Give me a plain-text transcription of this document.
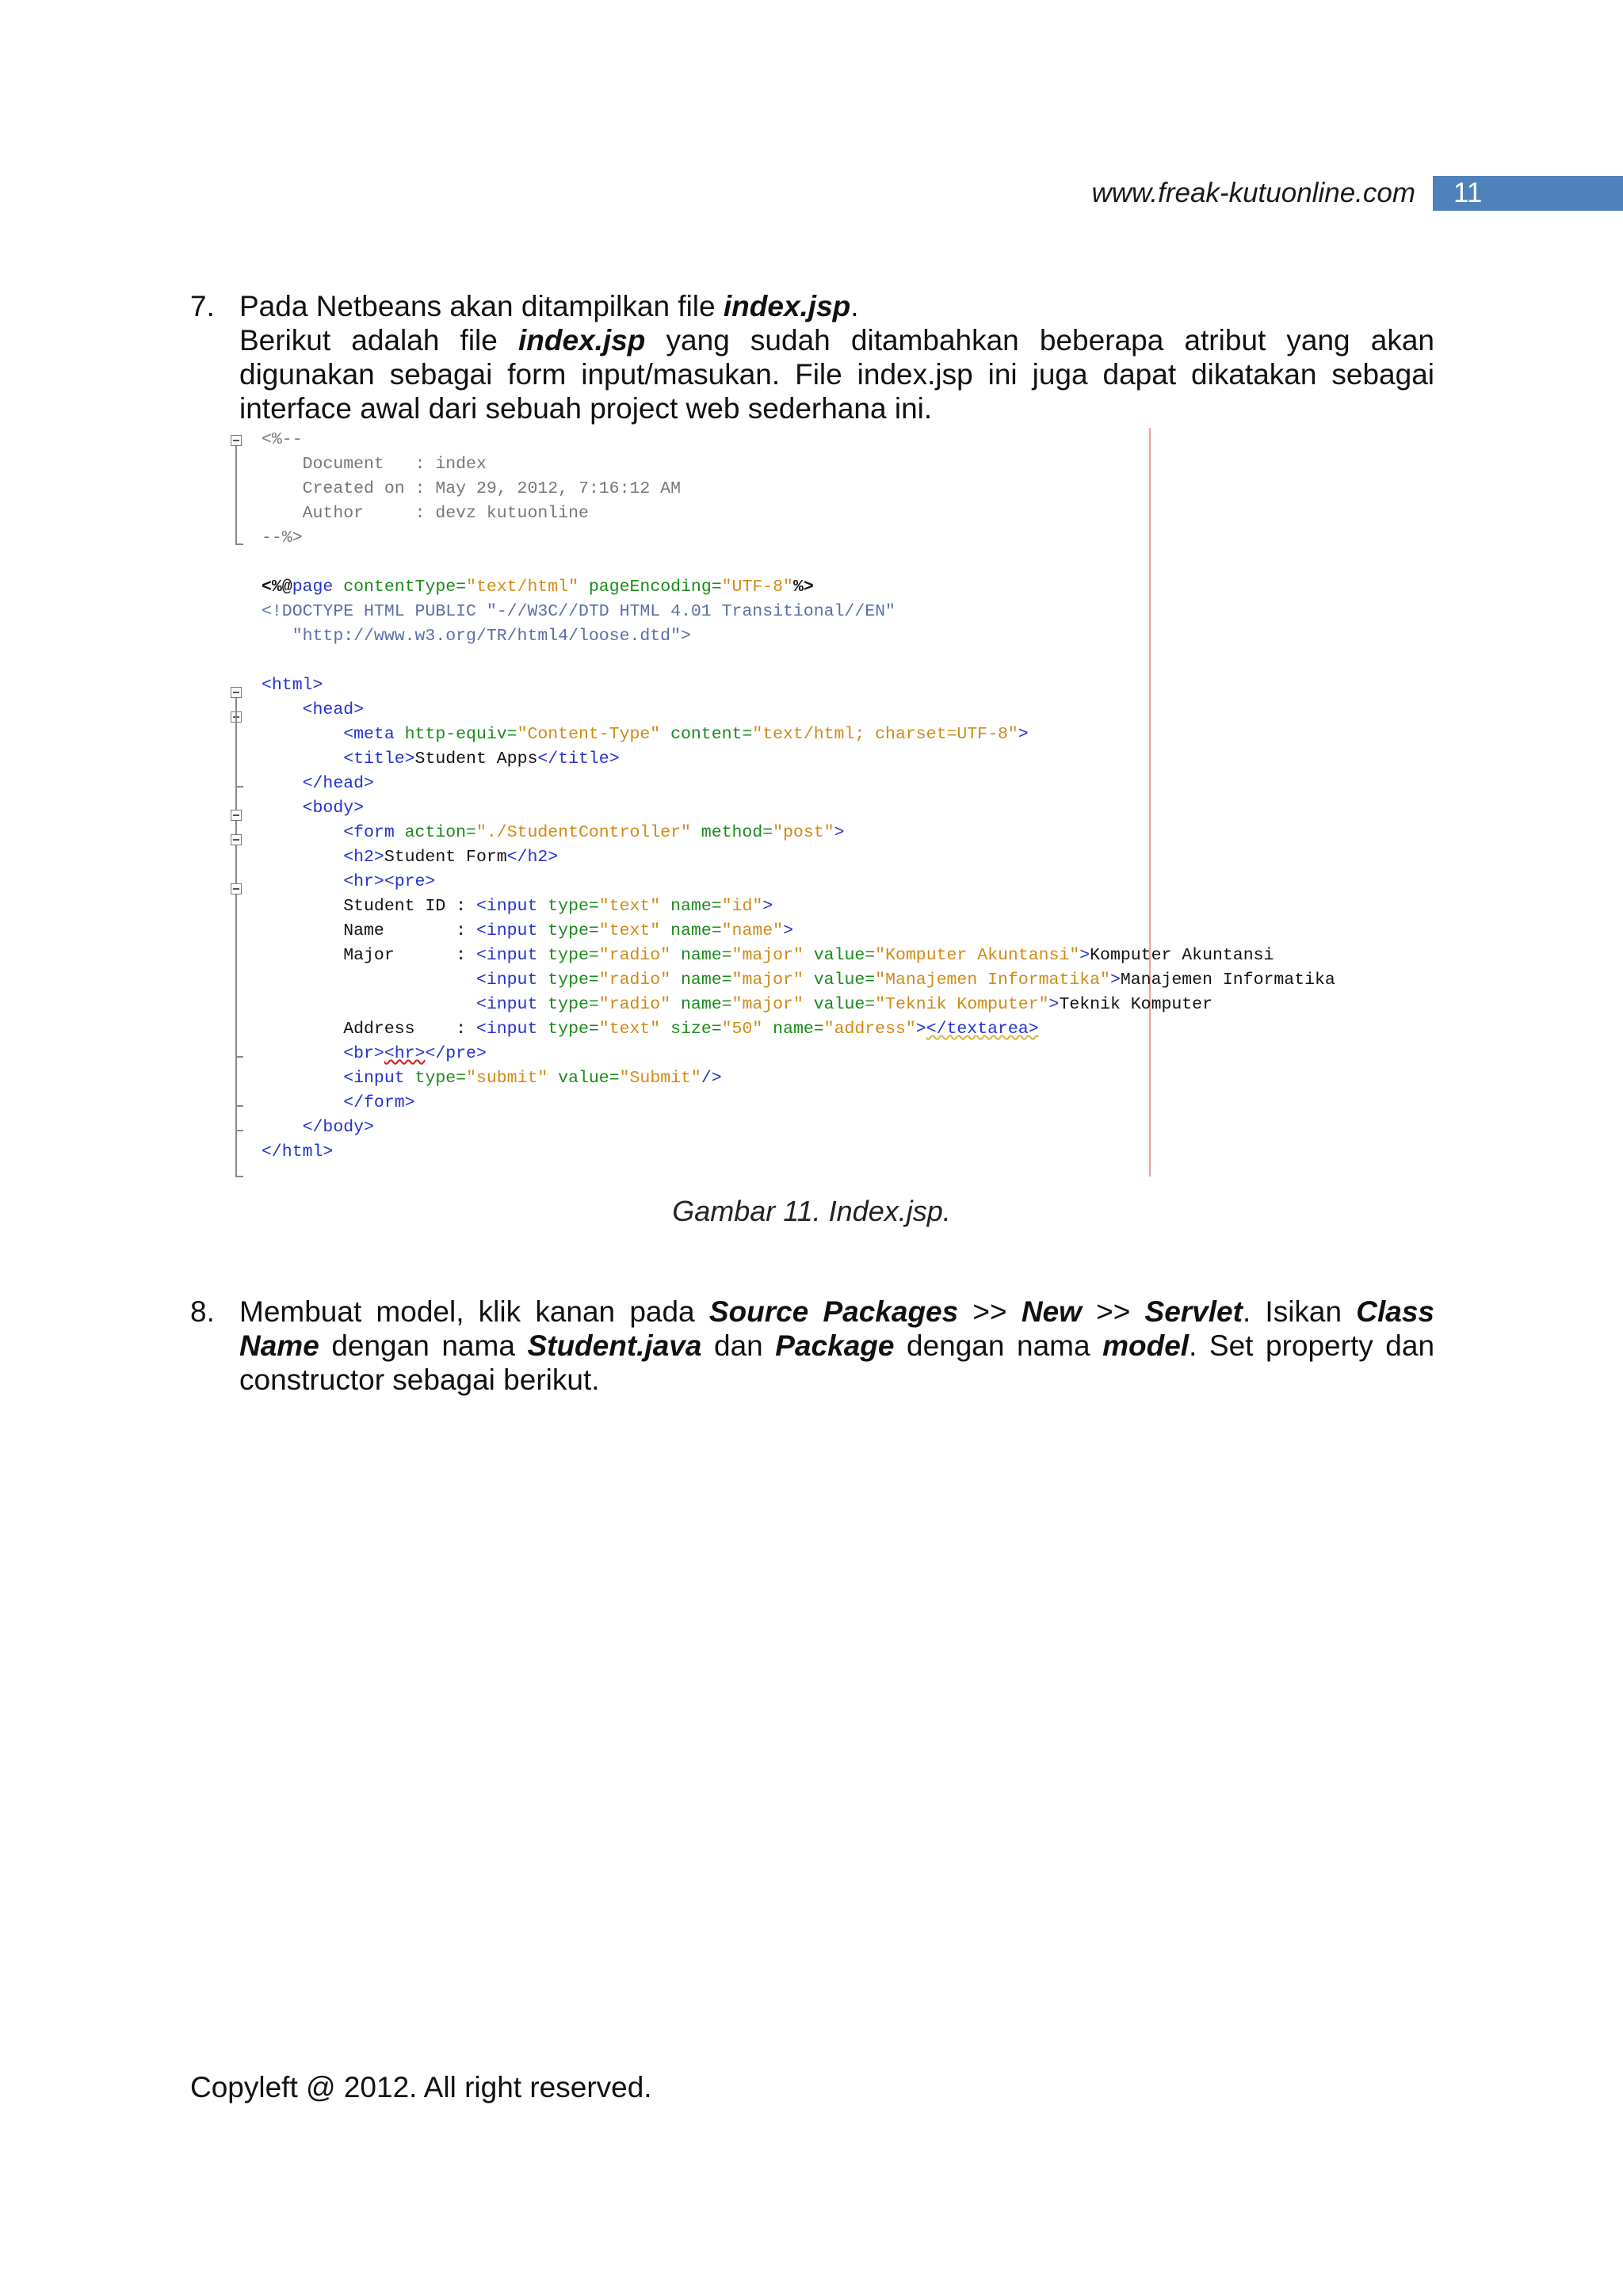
www.freak-kutuonline.com	11
7. Pada Netbeans akan ditampilkan file index.jsp.

Berikut adalah file index.jsp yang sudah ditambahkan beberapa atribut yang akan digunakan sebagai form input/masukan. File index.jsp ini juga dapat dikatakan sebagai interface awal dari sebuah project web sederhana ini.

<%--
Document   : index
Created on : May 29, 2012, 7:16:12 AM
Author     : devz kutuonline
--%>
<%@page contentType="text/html" pageEncoding="UTF-8"%>
<!DOCTYPE HTML PUBLIC "-//W3C//DTD HTML 4.01 Transitional//EN"
"http://www.w3.org/TR/html4/loose.dtd">
<html>
<head>
<meta http-equiv="Content-Type" content="text/html; charset=UTF-8">
<title>Student Apps</title>
</head>
<body>
<form action="./StudentController" method="post">
<h2>Student Form</h2>
<hr><pre>
Student ID : <input type="text" name="id">
Name       : <input type="text" name="name">
Major      : <input type="radio" name="major" value="Komputer Akuntansi">Komputer Akuntansi
<input type="radio" name="major" value="Manajemen Informatika">Manajemen Informatika
<input type="radio" name="major" value="Teknik Komputer">Teknik Komputer
Address    : <input type="text" size="50" name="address"></textarea>
<br><hr></pre>
<input type="submit" value="Submit"/>
</form>
</body>
</html>
Gambar 11. Index.jsp.
8. Membuat model, klik kanan pada Source Packages >> New >> Servlet. Isikan Class Name dengan nama Student.java dan Package dengan nama model. Set property dan constructor sebagai berikut.

Copyleft @ 2012. All right reserved.
